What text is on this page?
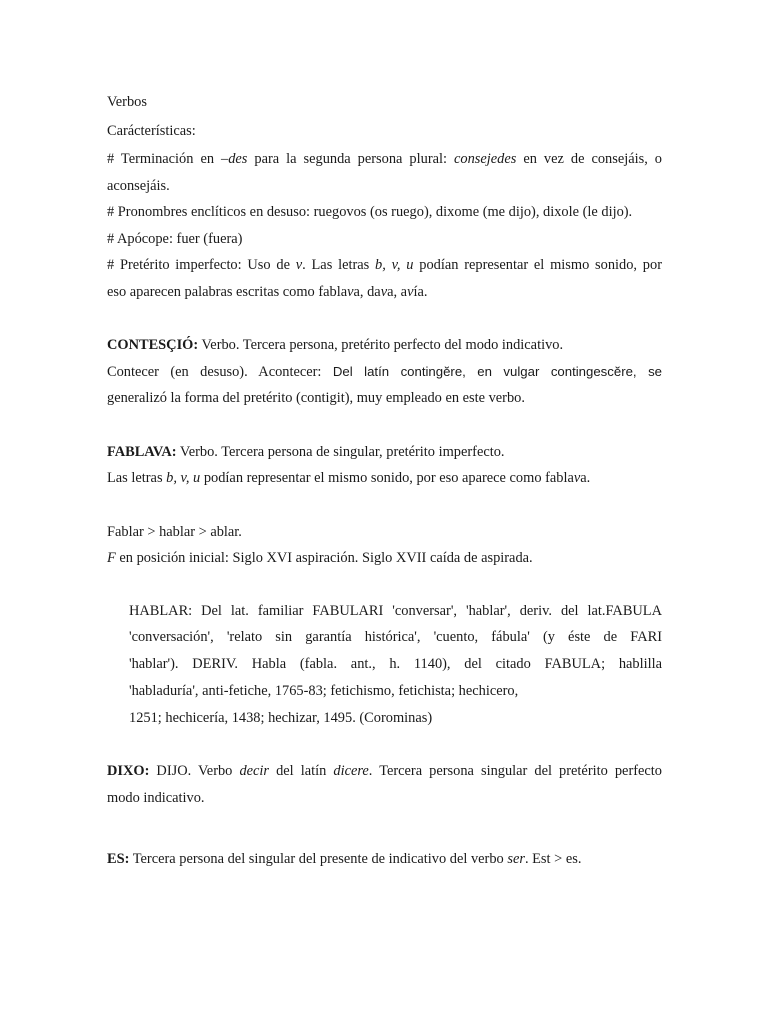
Verbos

Carácterísticas:

# Terminación en –des para la segunda persona plural: consejedes en vez de consejáis, o

aconsejáis.

# Pronombres enclíticos en desuso: ruegovos (os ruego), dixome (me dijo), dixole (le dijo).

# Apócope: fuer (fuera)

# Pretérito imperfecto: Uso de v. Las letras b, v, u podían representar el mismo sonido, por

eso aparecen palabras escritas como fablava, dava, avía.

CONTESÇIÓ: Verbo. Tercera persona, pretérito perfecto del modo indicativo.

Contecer (en desuso). Acontecer: Del latín contingĕre, en vulgar contingescĕre, se

generalizó la forma del pretérito (contigit), muy empleado en este verbo.

FABLAVA: Verbo. Tercera persona de singular, pretérito imperfecto.

Las letras b, v, u podían representar el mismo sonido, por eso aparece como fablava.

Fablar > hablar > ablar.

F en posición inicial: Siglo XVI aspiración. Siglo XVII caída de aspirada.

HABLAR: Del lat. familiar FABULARI 'conversar', 'hablar', deriv. del lat.FABULA

'conversación', 'relato sin garantía histórica', 'cuento, fábula' (y éste de FARI

'hablar'). DERIV. Habla (fabla. ant., h. 1140), del citado FABULA; hablilla

'habladuría', anti-fetiche, 1765-83; fetichismo, fetichista; hechicero,

1251; hechicería, 1438; hechizar, 1495. (Corominas)

DIXO: DIJO. Verbo decir del latín dicere. Tercera persona singular del pretérito perfecto

modo indicativo.

ES: Tercera persona del singular del presente de indicativo del verbo ser. Est > es.
